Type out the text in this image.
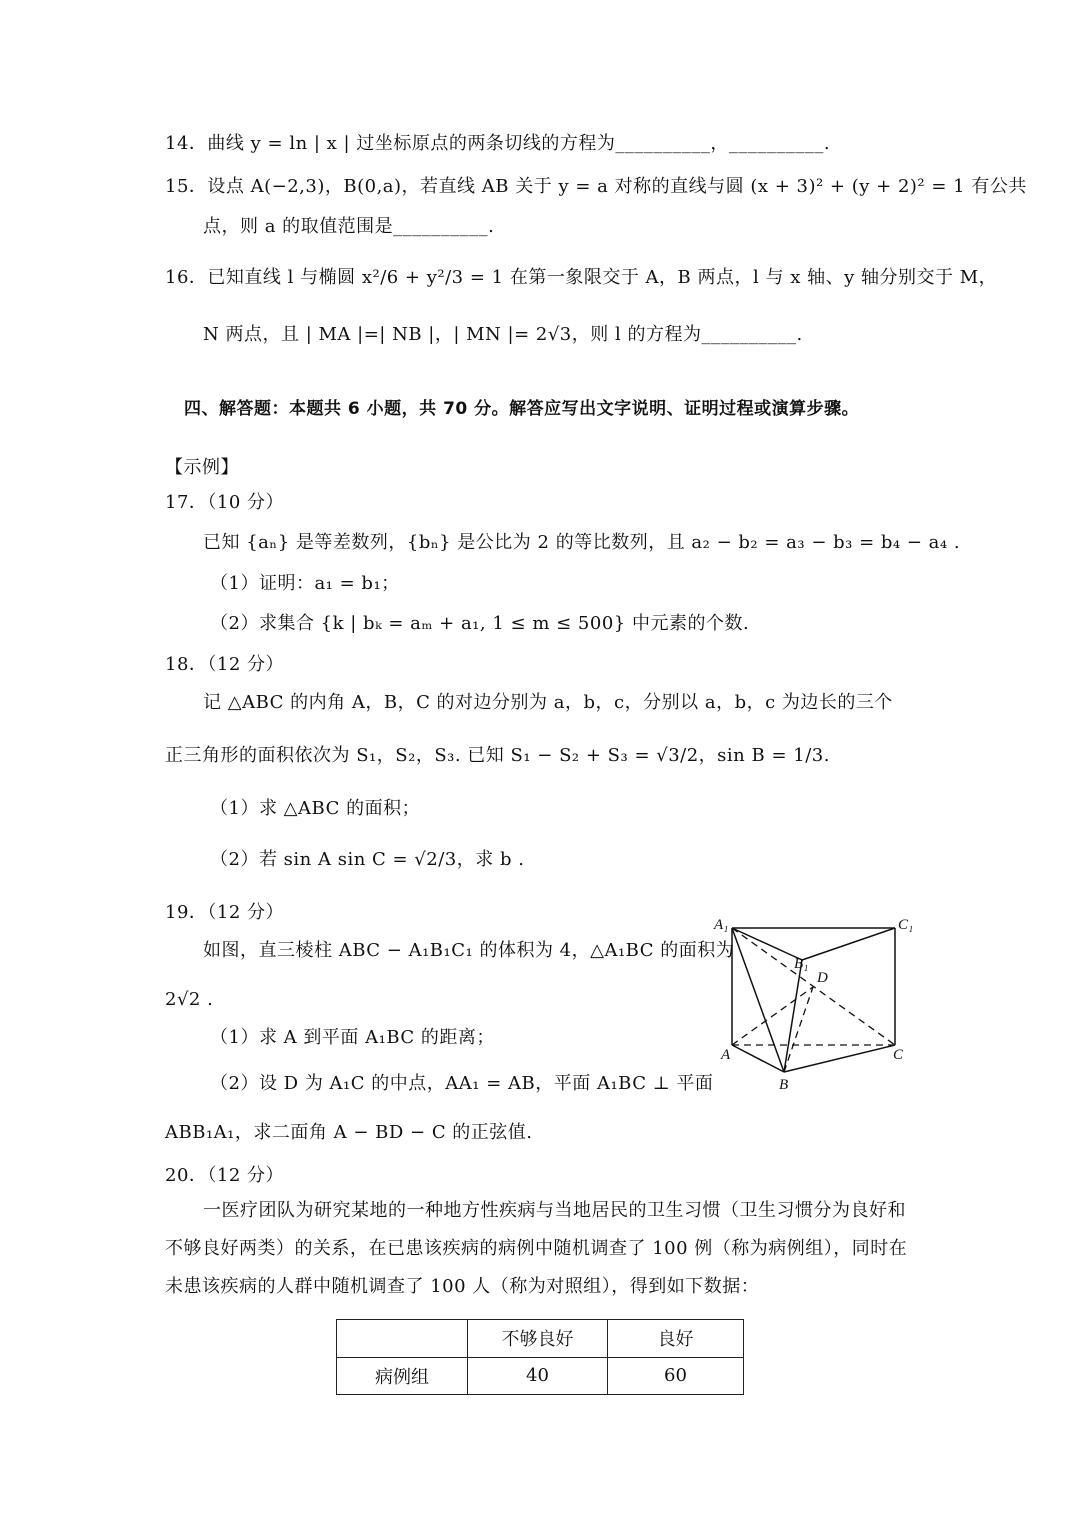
14．曲线 y = ln | x | 过坐标原点的两条切线的方程为__________，__________.
15．设点 A(−2,3)，B(0,a)，若直线 AB 关于 y = a 对称的直线与圆 (x + 3)² + (y + 2)² = 1 有公共
点，则 a 的取值范围是__________.
16．已知直线 l 与椭圆 x²/6 + y²/3 = 1 在第一象限交于 A，B 两点，l 与 x 轴、y 轴分别交于 M，
N 两点，且 | MA |=| NB |，| MN |= 2√3，则 l 的方程为__________.
四、解答题：本题共 6 小题，共 70 分。解答应写出文字说明、证明过程或演算步骤。
【示例】
17．（10 分）
已知 {aₙ} 是等差数列，{bₙ} 是公比为 2 的等比数列，且 a₂ − b₂ = a₃ − b₃ = b₄ − a₄ .
（1）证明：a₁ = b₁；
（2）求集合 {k | bₖ = aₘ + a₁, 1 ≤ m ≤ 500} 中元素的个数.
18．（12 分）
记 △ABC 的内角 A，B，C 的对边分别为 a，b，c，分别以 a，b，c 为边长的三个
正三角形的面积依次为 S₁，S₂，S₃. 已知 S₁ − S₂ + S₃ = √3/2，sin B = 1/3.
（1）求 △ABC 的面积；
（2）若 sin A sin C = √2/3，求 b .
19．（12 分）
如图，直三棱柱 ABC − A₁B₁C₁ 的体积为 4，△A₁BC 的面积为
2√2 .
（1）求 A 到平面 A₁BC 的距离；
（2）设 D 为 A₁C 的中点，AA₁ = AB，平面 A₁BC ⊥ 平面
ABB₁A₁，求二面角 A − BD − C 的正弦值.
A₁	C₁
B₁
D
A	C
B
20．（12 分）
一医疗团队为研究某地的一种地方性疾病与当地居民的卫生习惯（卫生习惯分为良好和
不够良好两类）的关系，在已患该疾病的病例中随机调查了 100 例（称为病例组），同时在
未患该疾病的人群中随机调查了 100 人（称为对照组），得到如下数据：
	不够良好	良好
病例组	40	60
